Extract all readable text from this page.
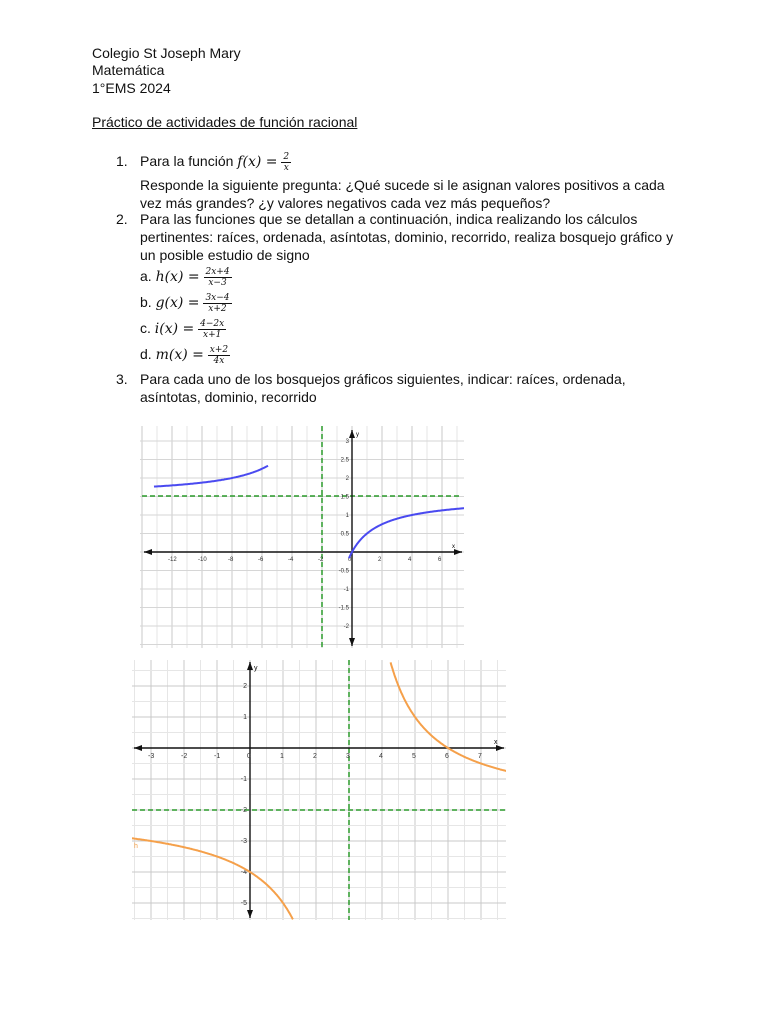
Colegio St Joseph Mary
Matemática
1°EMS 2024
Práctico de actividades de función racional
1. Para la función $f(x) = \frac{2}{x}$
Responde la siguiente pregunta: ¿Qué sucede si le asignan valores positivos a cada vez más grandes? ¿y valores negativos cada vez más pequeños?
2. Para las funciones que se detallan a continuación, indica realizando los cálculos pertinentes: raíces, ordenada, asíntotas, dominio, recorrido, realiza bosquejo gráfico y un posible estudio de signo
a. $h(x) = \frac{2x+4}{x-3}$
b. $g(x) = \frac{3x-4}{x+2}$
c. $i(x) = \frac{4-2x}{x+1}$
d. $m(x) = \frac{x+2}{4x}$
3. Para cada uno de los bosquejos gráficos siguientes, indicar: raíces, ordenada, asíntotas, dominio, recorrido
y
x
-12	-10	-8	-6	-4	-2	0	2	4	6
3
2.5
2
1.5
1
0.5
-0.5
-1
-1.5
-2
y
x
h
-3	-2	-1	0	1	2	3	4	5	6	7
2
1
-1
-2
-3
-4
-5
